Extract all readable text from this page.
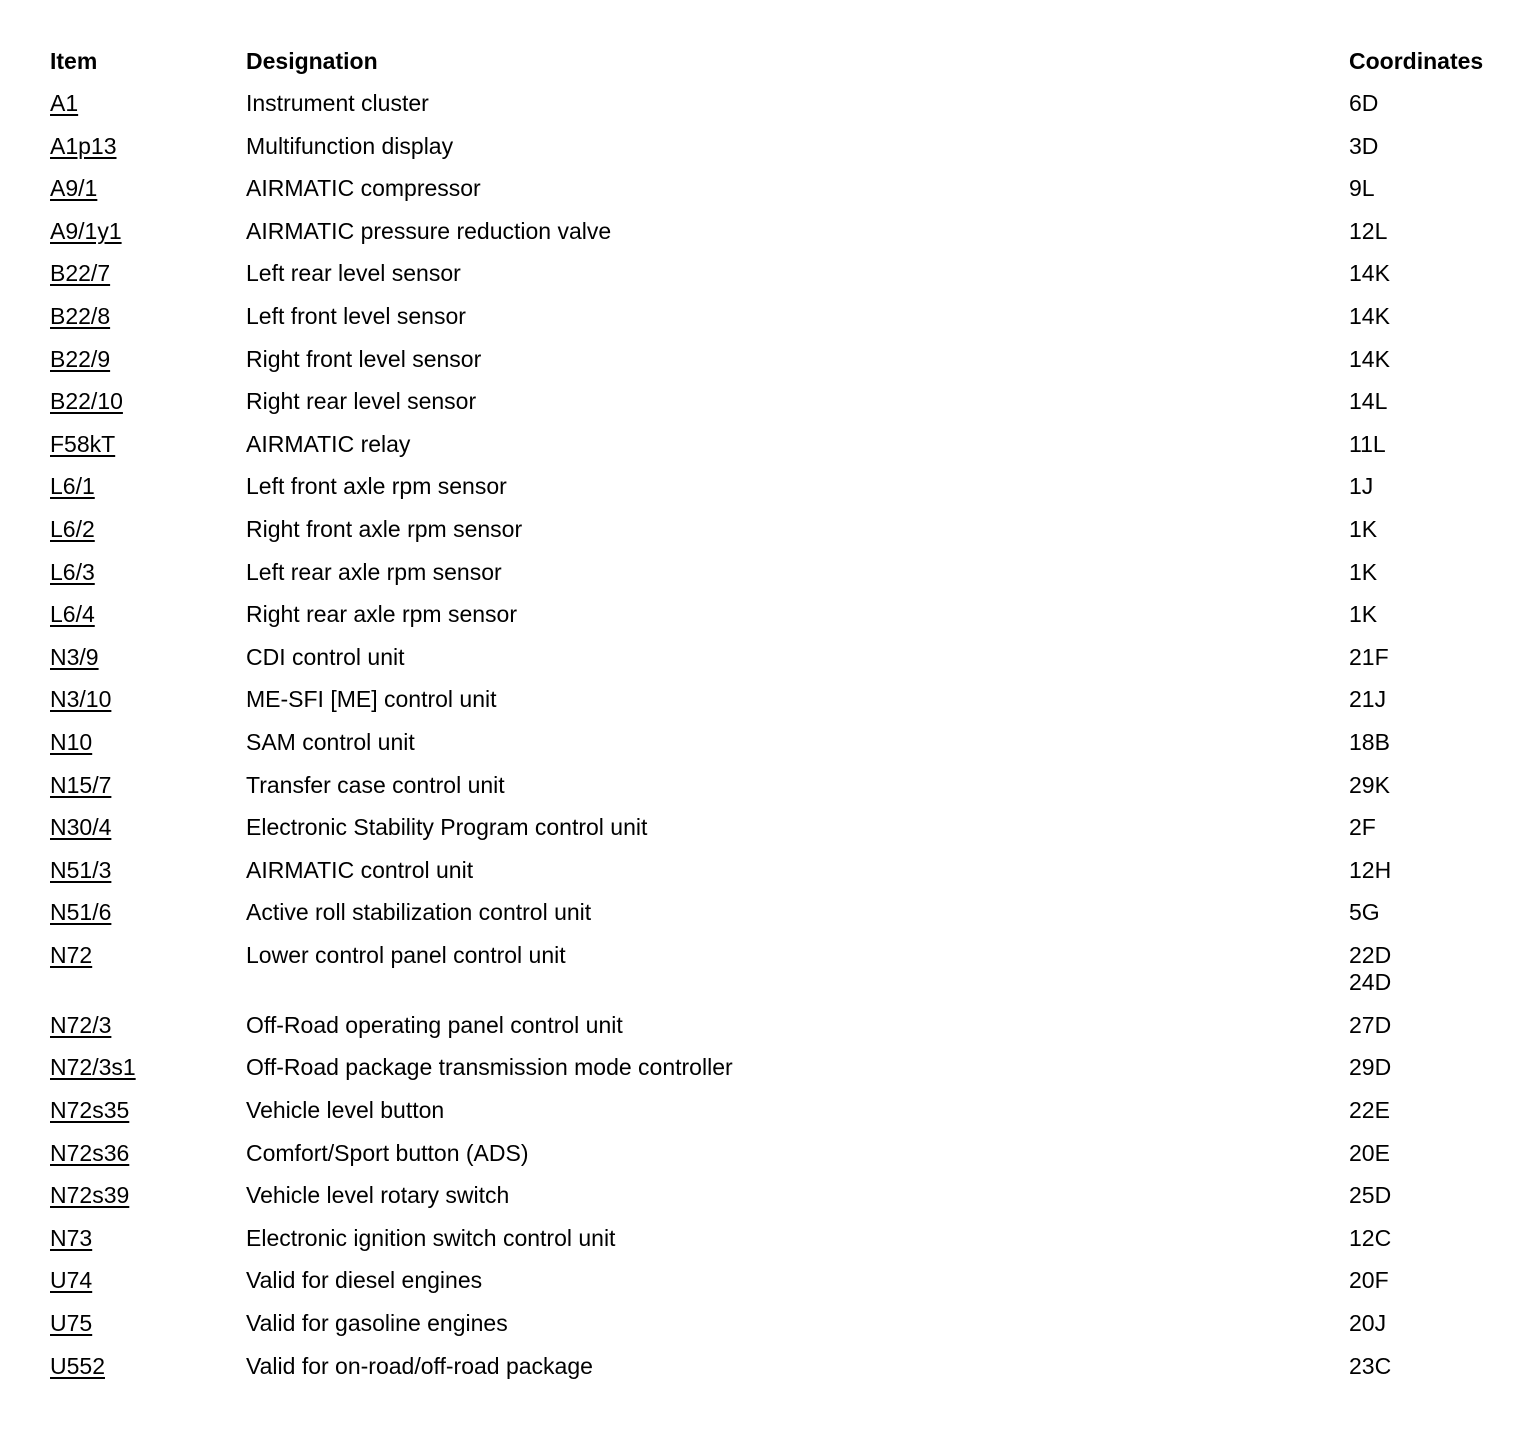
Item	Designation	Coordinates
A1	Instrument cluster	6D
A1p13	Multifunction display	3D
A9/1	AIRMATIC compressor	9L
A9/1y1	AIRMATIC pressure reduction valve	12L
B22/7	Left rear level sensor	14K
B22/8	Left front level sensor	14K
B22/9	Right front level sensor	14K
B22/10	Right rear level sensor	14L
F58kT	AIRMATIC relay	11L
L6/1	Left front axle rpm sensor	1J
L6/2	Right front axle rpm sensor	1K
L6/3	Left rear axle rpm sensor	1K
L6/4	Right rear axle rpm sensor	1K
N3/9	CDI control unit	21F
N3/10	ME-SFI [ME] control unit	21J
N10	SAM control unit	18B
N15/7	Transfer case control unit	29K
N30/4	Electronic Stability Program control unit	2F
N51/3	AIRMATIC control unit	12H
N51/6	Active roll stabilization control unit	5G
N72	Lower control panel control unit	22D
24D
N72/3	Off-Road operating panel control unit	27D
N72/3s1	Off-Road package transmission mode controller	29D
N72s35	Vehicle level button	22E
N72s36	Comfort/Sport button (ADS)	20E
N72s39	Vehicle level rotary switch	25D
N73	Electronic ignition switch control unit	12C
U74	Valid for diesel engines	20F
U75	Valid for gasoline engines	20J
U552	Valid for on-road/off-road package	23C
